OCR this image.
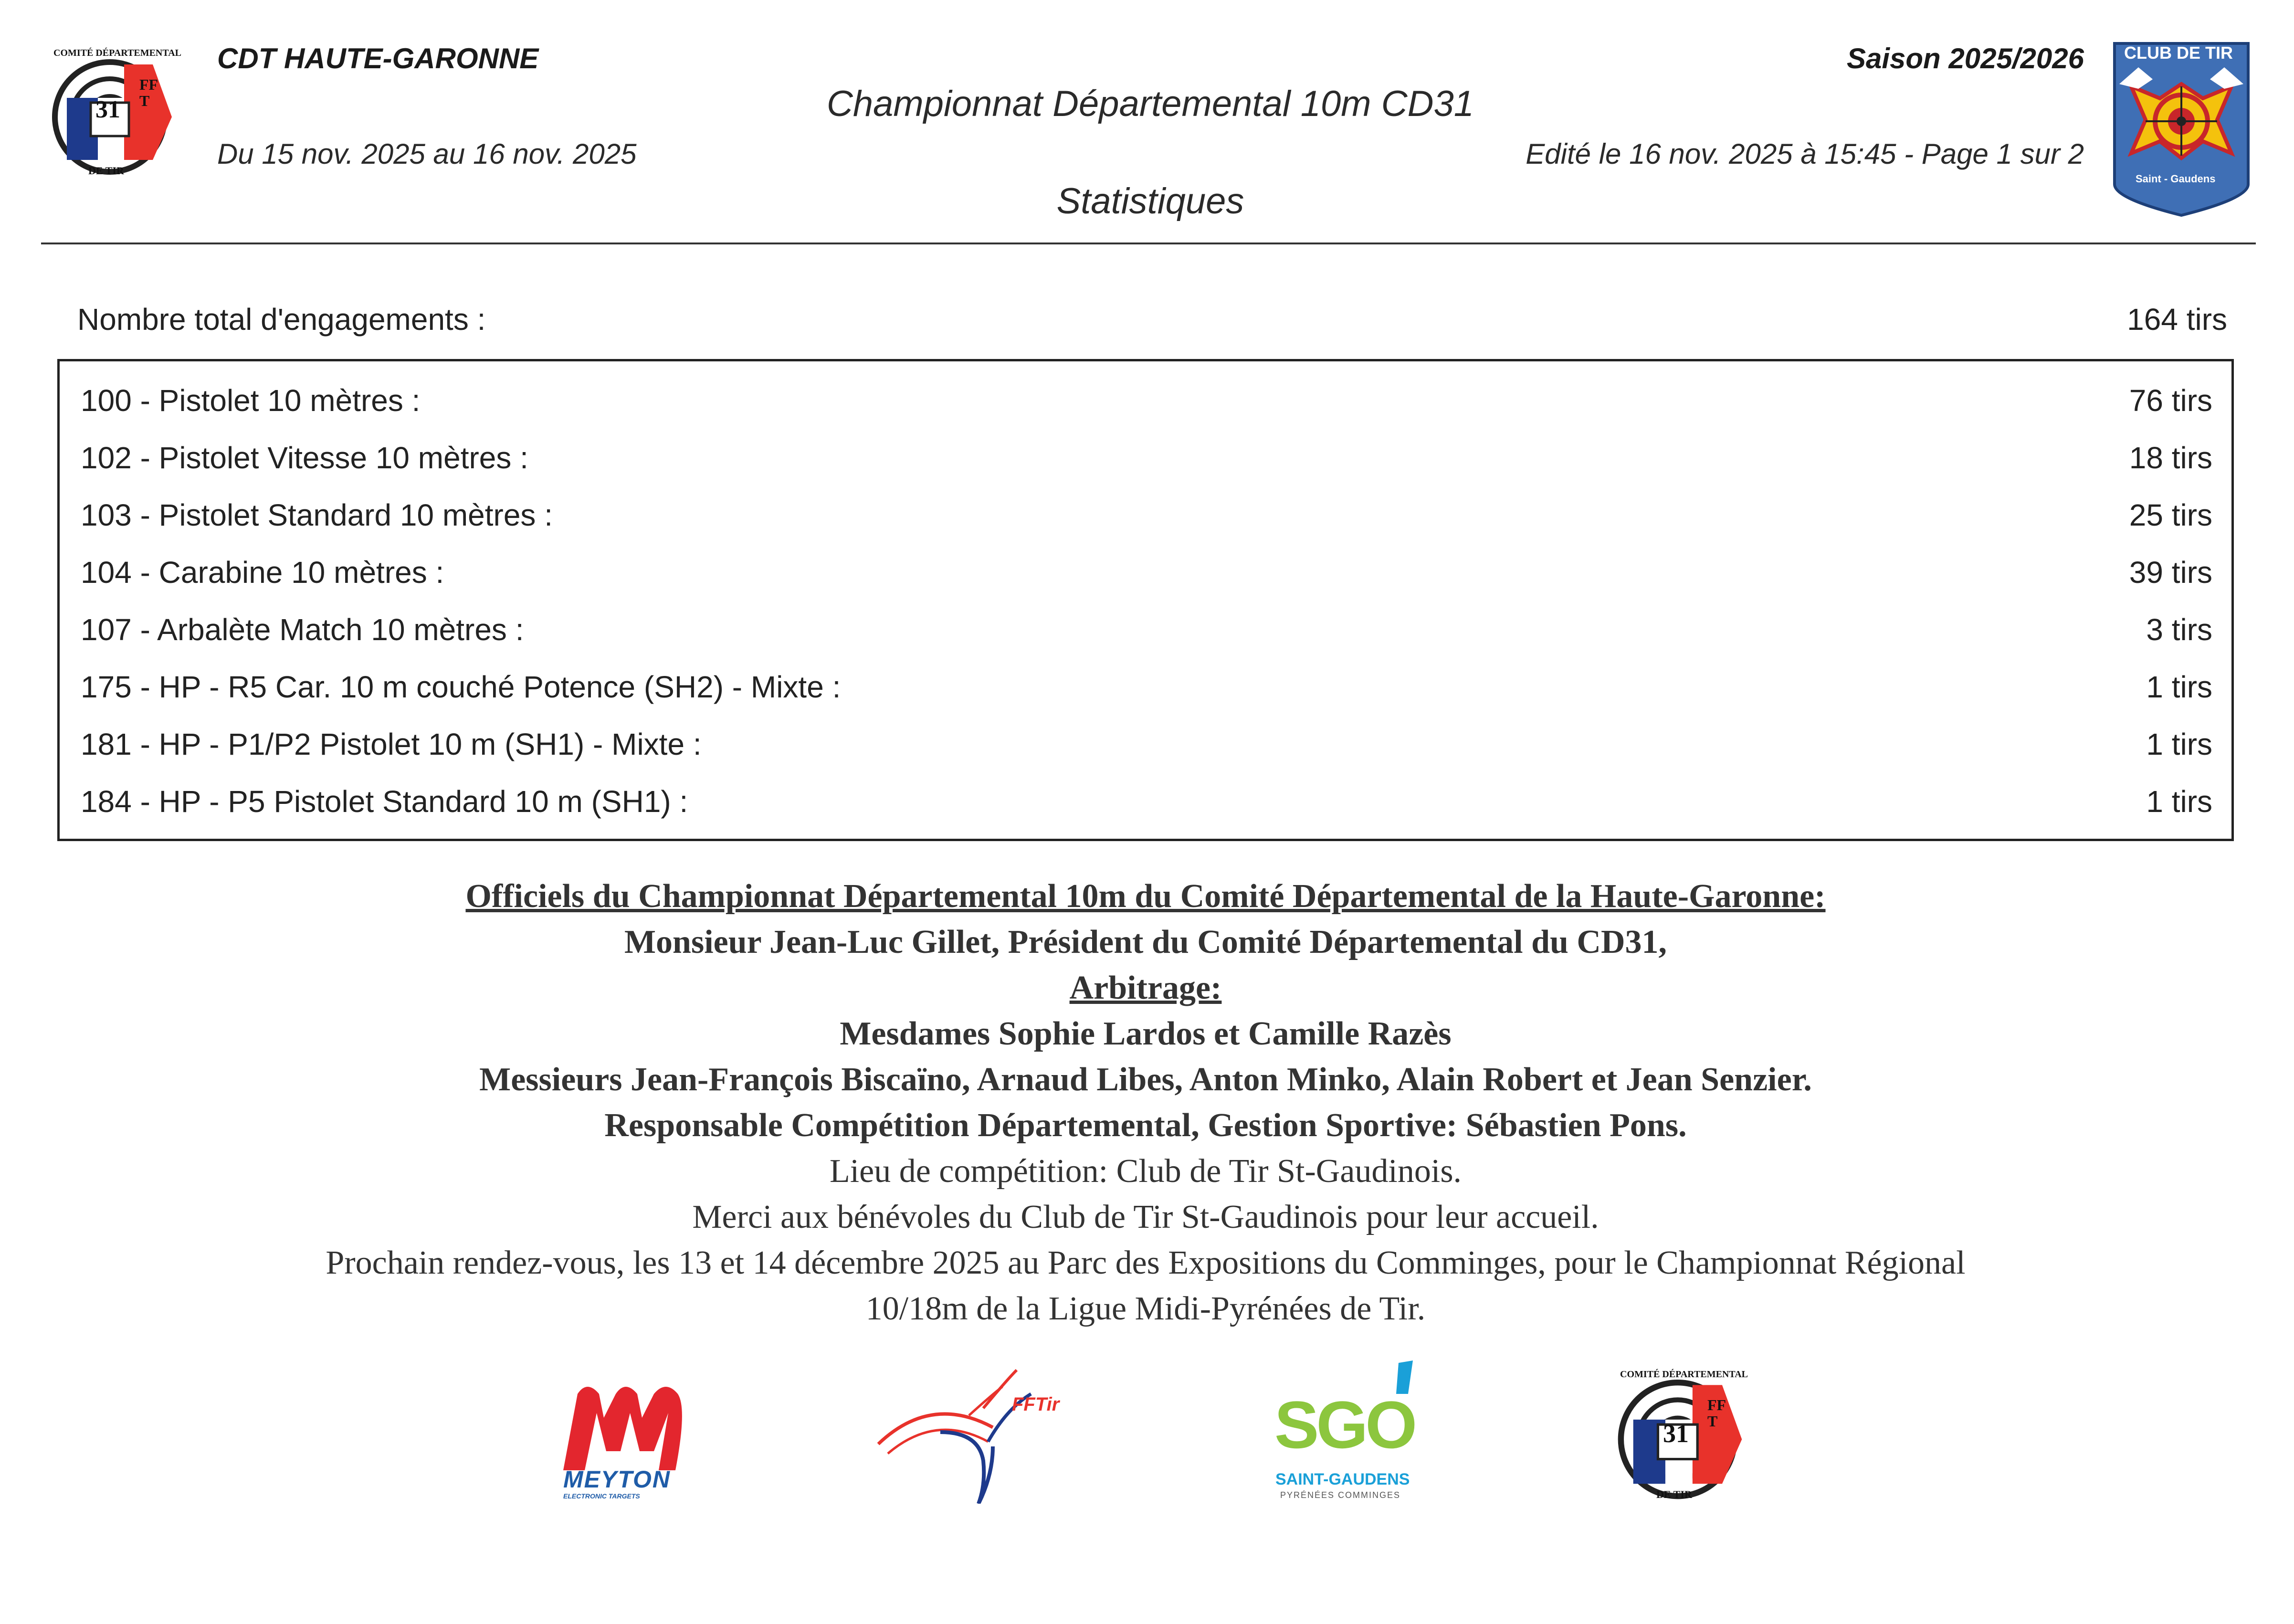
31
FFT
COMITÉ DÉPARTEMENTAL
DE TIR
CDT HAUTE-GARONNE	Saison 2025/2026
Championnat Départemental 10m CD31
Du 15 nov. 2025 au 16 nov. 2025	Edité le 16 nov. 2025 à 15:45 - Page 1 sur 2
Statistiques
CLUB DE TIR
Saint - Gaudens
Nombre total d'engagements :	164 tirs
100 - Pistolet 10 mètres :	76 tirs
102 - Pistolet Vitesse 10 mètres :	18 tirs
103 - Pistolet Standard 10 mètres :	25 tirs
104 - Carabine 10 mètres :	39 tirs
107 - Arbalète Match 10 mètres :	3 tirs
175 - HP - R5 Car. 10 m couché Potence (SH2) - Mixte :	1 tirs
181 - HP - P1/P2 Pistolet 10 m (SH1) - Mixte :	1 tirs
184 - HP - P5 Pistolet Standard 10 m (SH1) :	1 tirs
Officiels du Championnat Départemental 10m du Comité Départemental de la Haute-Garonne:
Monsieur Jean-Luc Gillet, Président du Comité Départemental du CD31,
Arbitrage:
Mesdames Sophie Lardos et Camille Razès
Messieurs Jean-François Biscaïno, Arnaud Libes, Anton Minko, Alain Robert et Jean Senzier.
Responsable Compétition Départemental, Gestion Sportive: Sébastien Pons.
Lieu de compétition: Club de Tir St-Gaudinois.
Merci aux bénévoles du Club de Tir St-Gaudinois pour leur accueil.
Prochain rendez-vous, les 13 et 14 décembre 2025 au Parc des Expositions du Comminges, pour le Championnat Régional
10/18m de la Ligue Midi-Pyrénées de Tir.
MEYTON
ELECTRONIC TARGETS
FFTir	SGO
SAINT-GAUDENS
PYRÉNÉES COMMINGES
31
FFT
COMITÉ DÉPARTEMENTAL
DE TIR
